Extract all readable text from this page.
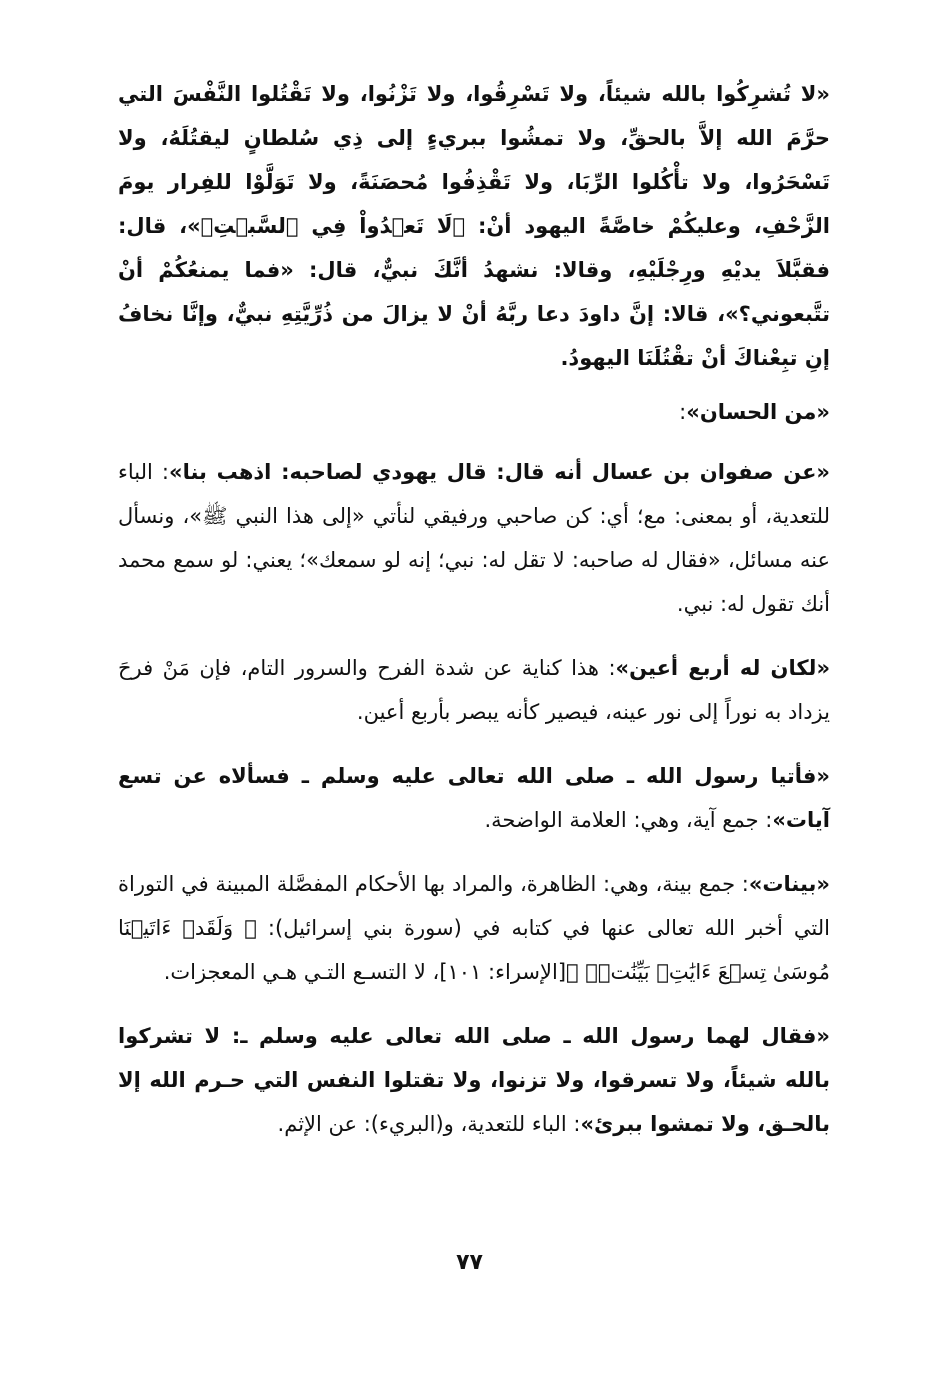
«لا تُشرِكُوا بالله شيئاً، ولا تَسْرِقُوا، ولا تَزْنُوا، ولا تَقْتُلوا النَّفْسَ التي حرَّمَ الله إلاَّ بالحقِّ، ولا تمشُوا ببريءٍ إلى ذِي سُلطانٍ ليقتُلَهُ، ولا تَسْحَرُوا، ولا تأْكُلوا الرِّبَا، ولا تَقْذِفُوا مُحصَنَةً، ولا تَوَلَّوْا للفِرار يومَ الزَّحْفِ، وعليكُمْ خاصَّةً اليهود أنْ: ﴿لَا تَعۡدُواْ فِي ٱلسَّبۡتِ﴾»، قال: فقبَّلاَ يديْهِ ورِجْلَيْهِ، وقالا: نشهدُ أنَّكَ نبيٌّ، قال: «فما يمنعُكُمْ أنْ تتَّبعوني؟»، قالا: إنَّ داودَ دعا ربَّهُ أنْ لا يزالَ من ذُرِّيَّتِهِ نبيٌّ، وإنَّا نخافُ إنِ تبِعْناكَ أنْ تقْتُلَنَا اليهودُ.

«من الحسان»:

«عن صفوان بن عسال أنه قال: قال يهودي لصاحبه: اذهب بنا»: الباء للتعدية، أو بمعنى: مع؛ أي: كن صاحبي ورفيقي لنأتي «إلى هذا النبي ﷺ»، ونسأل عنه مسائل، «فقال له صاحبه: لا تقل له: نبي؛ إنه لو سمعك»؛ يعني: لو سمع محمد أنك تقول له: نبي.

«لكان له أربع أعين»: هذا كناية عن شدة الفرح والسرور التام، فإن مَنْ فرحَ يزداد به نوراً إلى نور عينه، فيصير كأنه يبصر بأربع أعين.

«فأتيا رسول الله ـ صلى الله تعالى عليه وسلم ـ فسألاه عن تسع آيات»: جمع آية، وهي: العلامة الواضحة.

«بينات»: جمع بينة، وهي: الظاهرة، والمراد بها الأحكام المفصَّلة المبينة في التوراة التي أخبر الله تعالى عنها في كتابه في (سورة بني إسرائيل): ﴿ وَلَقَدۡ ءَاتَيۡنَا مُوسَىٰ تِسۡعَ ءَايَٰتِۭ بَيِّنَٰتٖۖ ﴾[الإسراء: ١٠١]، لا التسـع التـي هـي المعجزات.

«فقال لهما رسول الله ـ صلى الله تعالى عليه وسلم ـ: لا تشركوا بالله شيئاً، ولا تسرقوا، ولا تزنوا، ولا تقتلوا النفس التي حـرم الله إلا بالحـق، ولا تمشوا ببرئ»: الباء للتعدية، و(البريء): عن الإثم.

٧٧
